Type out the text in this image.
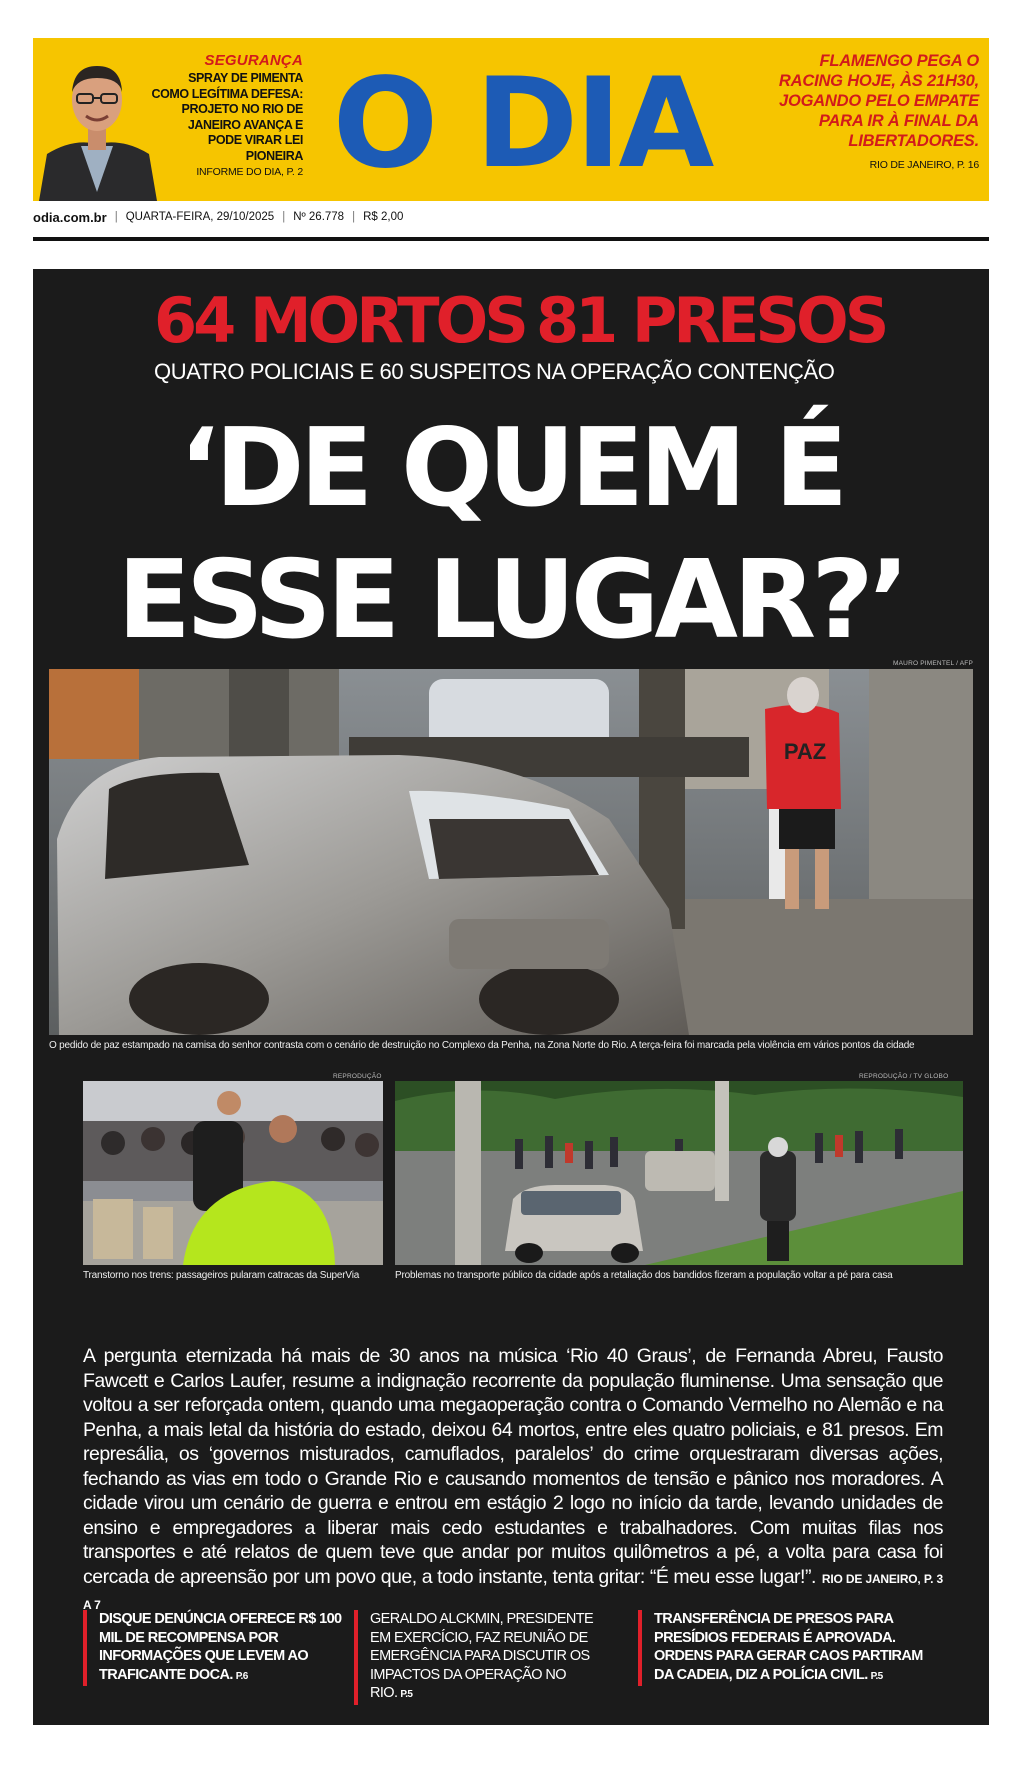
SEGURANÇA
SPRAY DE PIMENTA COMO LEGÍTIMA DEFESA: PROJETO NO RIO DE JANEIRO AVANÇA E PODE VIRAR LEI PIONEIRA
INFORME DO DIA, P. 2 O DIA	FLAMENGO PEGA O RACING HOJE, ÀS 21H30, JOGANDO PELO EMPATE PARA IR À FINAL DA LIBERTADORES.
RIO DE JANEIRO, P. 16
odia.com.br | QUARTA-FEIRA, 29/10/2025 | Nº 26.778 | R$ 2,00
64 MORTOS
QUATRO POLICIAIS E 60 SUSPEITOS
81 PRESOS
NA OPERAÇÃO CONTENÇÃO
‘DE QUEM É
ESSE LUGAR?’
MAURO PIMENTEL / AFP
PAZ
O pedido de paz estampado na camisa do senhor contrasta com o cenário de destruição no Complexo da Penha, na Zona Norte do Rio. A terça-feira foi marcada pela violência em vários pontos da cidade
REPRODUÇÃO
Transtorno nos trens: passageiros pularam catracas da SuperVia
REPRODUÇÃO / TV GLOBO
Problemas no transporte público da cidade após a retaliação dos bandidos fizeram a população voltar a pé para casa
A pergunta eternizada há mais de 30 anos na música ‘Rio 40 Graus’, de Fernanda Abreu, Fausto Fawcett e Carlos Laufer, resume a indignação recorrente da população fluminense. Uma sensação que voltou a ser reforçada ontem, quando uma megaoperação contra o Comando Vermelho no Alemão e na Penha, a mais letal da história do estado, deixou 64 mortos, entre eles quatro policiais, e 81 presos. Em represália, os ‘governos misturados, camuflados, paralelos’ do crime orquestraram diversas ações, fechando as vias em todo o Grande Rio e causando momentos de tensão e pânico nos moradores. A cidade virou um cenário de guerra e entrou em estágio 2 logo no início da tarde, levando unidades de ensino e empregadores a liberar mais cedo estudantes e trabalhadores. Com muitas filas nos transportes e até relatos de quem teve que andar por muitos quilômetros a pé, a volta para casa foi cercada de apreensão por um povo que, a todo instante, tenta gritar: “É meu esse lugar!”. RIO DE JANEIRO, P. 3 A 7
DISQUE DENÚNCIA OFERECE R$ 100 MIL DE RECOMPENSA POR INFORMAÇÕES QUE LEVEM AO TRAFICANTE DOCA. P.6
GERALDO ALCKMIN, PRESIDENTE EM EXERCÍCIO, FAZ REUNIÃO DE EMERGÊNCIA PARA DISCUTIR OS IMPACTOS DA OPERAÇÃO NO RIO. P.5
TRANSFERÊNCIA DE PRESOS PARA PRESÍDIOS FEDERAIS É APROVADA. ORDENS PARA GERAR CAOS PARTIRAM DA CADEIA, DIZ A POLÍCIA CIVIL. P.5
